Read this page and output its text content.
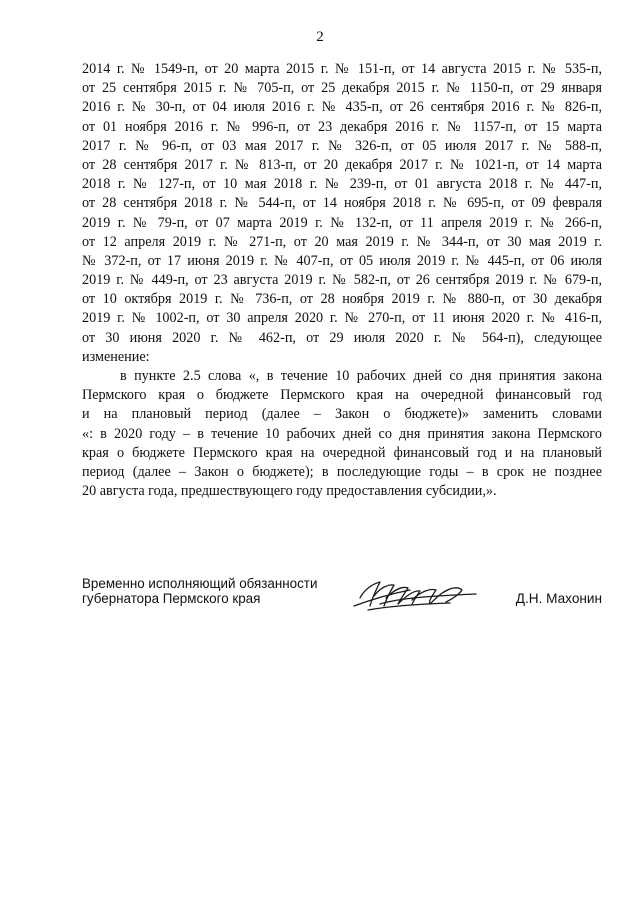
2
2014 г. № 1549-п, от 20 марта 2015 г. № 151-п, от 14 августа 2015 г. № 535-п,
от 25 сентября 2015 г. № 705-п, от 25 декабря 2015 г. № 1150-п, от 29 января
2016 г. № 30-п, от 04 июля 2016 г. № 435-п, от 26 сентября 2016 г. № 826-п,
от 01 ноября 2016 г. № 996-п, от 23 декабря 2016 г. № 1157-п, от 15 марта
2017 г. № 96-п, от 03 мая 2017 г. № 326-п, от 05 июля 2017 г. № 588-п,
от 28 сентября 2017 г. № 813-п, от 20 декабря 2017 г. № 1021-п, от 14 марта
2018 г. № 127-п, от 10 мая 2018 г. № 239-п, от 01 августа 2018 г. № 447-п,
от 28 сентября 2018 г. № 544-п, от 14 ноября 2018 г. № 695-п, от 09 февраля
2019 г. № 79-п, от 07 марта 2019 г. № 132-п, от 11 апреля 2019 г. № 266-п,
от 12 апреля 2019 г. № 271-п, от 20 мая 2019 г. № 344-п, от 30 мая 2019 г.
№ 372-п, от 17 июня 2019 г. № 407-п, от 05 июля 2019 г. № 445-п, от 06 июля
2019 г. № 449-п, от 23 августа 2019 г. № 582-п, от 26 сентября 2019 г. № 679-п,
от 10 октября 2019 г. № 736-п, от 28 ноября 2019 г. № 880-п, от 30 декабря
2019 г. № 1002-п, от 30 апреля 2020 г. № 270-п, от 11 июня 2020 г. № 416-п,
от 30 июня 2020 г. № 462-п, от 29 июля 2020 г. № 564-п), следующее
изменение:
в пункте 2.5 слова «, в течение 10 рабочих дней со дня принятия закона
Пермского края о бюджете Пермского края на очередной финансовый год
и на плановый период (далее – Закон о бюджете)» заменить словами
«: в 2020 году – в течение 10 рабочих дней со дня принятия закона Пермского
края о бюджете Пермского края на очередной финансовый год и на плановый
период (далее – Закон о бюджете); в последующие годы – в срок не позднее
20 августа года, предшествующего году предоставления субсидии,».
Временно исполняющий обязанности
губернатора Пермского края	Д.Н. Махонин
